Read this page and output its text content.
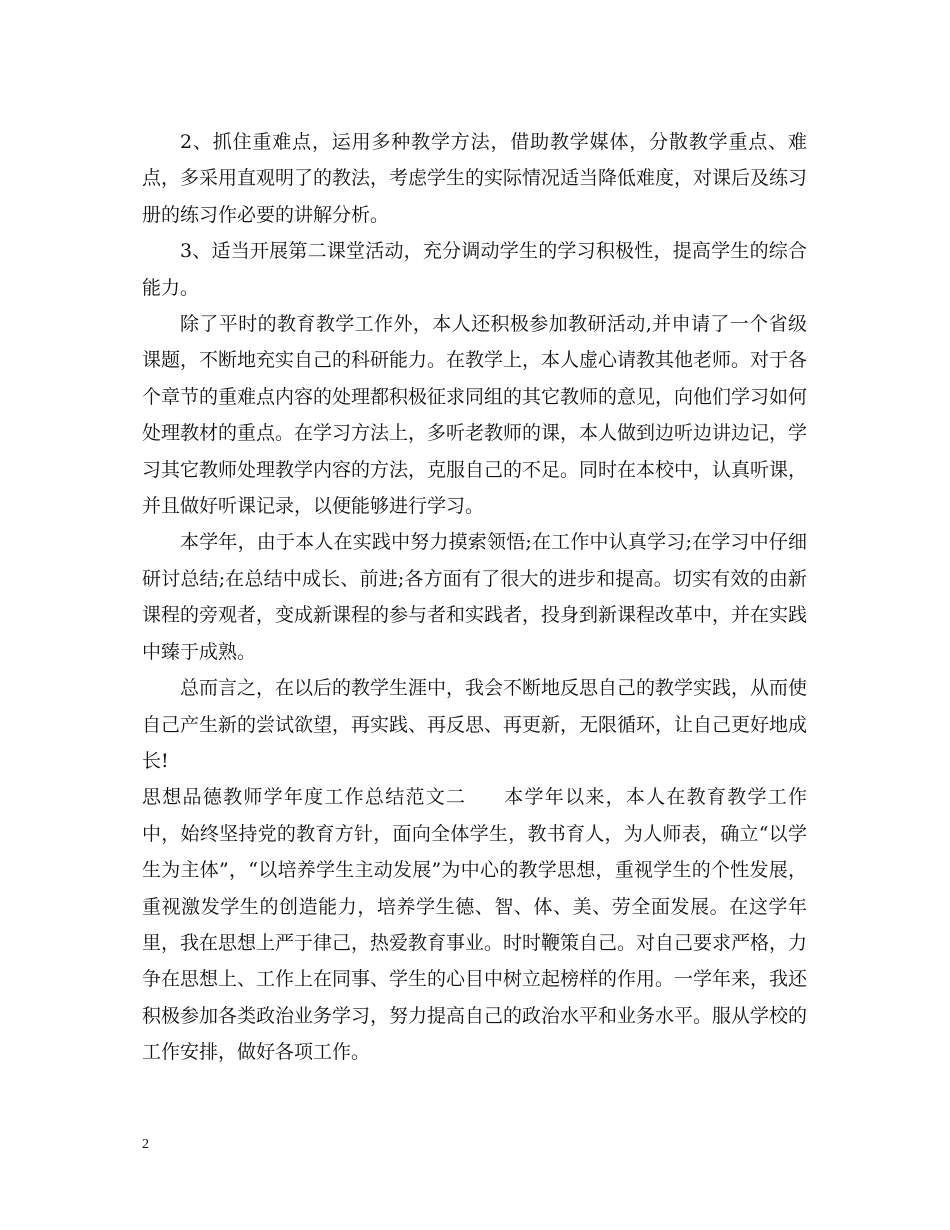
2、抓住重难点，运用多种教学方法，借助教学媒体，分散教学重点、难点，多采用直观明了的教法，考虑学生的实际情况适当降低难度，对课后及练习册的练习作必要的讲解分析。

3、适当开展第二课堂活动，充分调动学生的学习积极性，提高学生的综合能力。

除了平时的教育教学工作外，本人还积极参加教研活动,并申请了一个省级课题，不断地充实自己的科研能力。在教学上，本人虚心请教其他老师。对于各个章节的重难点内容的处理都积极征求同组的其它教师的意见，向他们学习如何处理教材的重点。在学习方法上，多听老教师的课，本人做到边听边讲边记，学习其它教师处理教学内容的方法，克服自己的不足。同时在本校中，认真听课，并且做好听课记录，以便能够进行学习。

本学年，由于本人在实践中努力摸索领悟;在工作中认真学习;在学习中仔细研讨总结;在总结中成长、前进;各方面有了很大的进步和提高。切实有效的由新课程的旁观者，变成新课程的参与者和实践者，投身到新课程改革中，并在实践中臻于成熟。

总而言之，在以后的教学生涯中，我会不断地反思自己的教学实践，从而使自己产生新的尝试欲望，再实践、再反思、再更新，无限循环，让自己更好地成长!

思想品德教师学年度工作总结范文二 本学年以来，本人在教育教学工作中，始终坚持党的教育方针，面向全体学生，教书育人，为人师表，确立“以学生为主体”，“以培养学生主动发展”为中心的教学思想，重视学生的个性发展，重视激发学生的创造能力，培养学生德、智、体、美、劳全面发展。在这学年里，我在思想上严于律己，热爱教育事业。时时鞭策自己。对自己要求严格，力争在思想上、工作上在同事、学生的心目中树立起榜样的作用。一学年来，我还积极参加各类政治业务学习，努力提高自己的政治水平和业务水平。服从学校的工作安排，做好各项工作。

2
